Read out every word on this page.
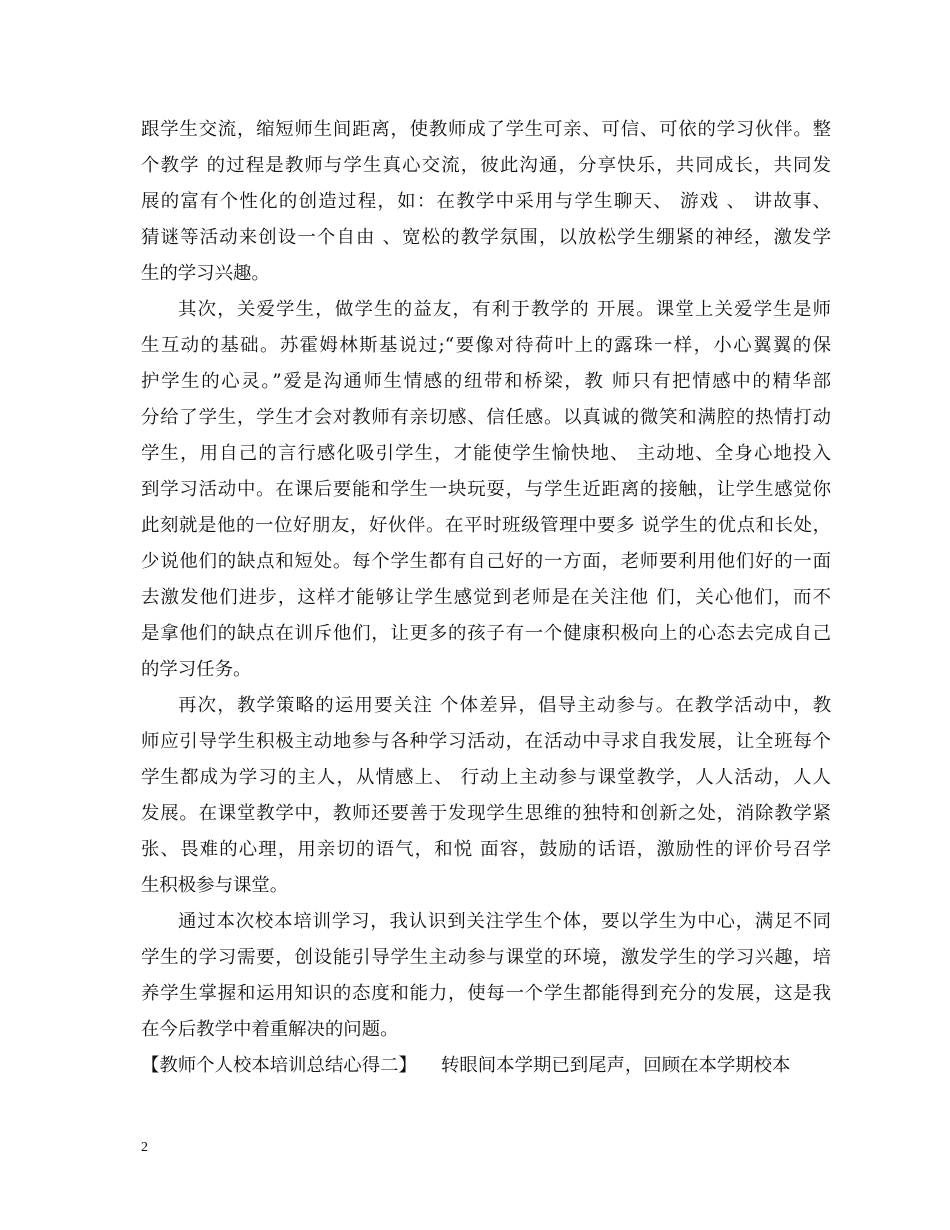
跟学生交流，缩短师生间距离，使教师成了学生可亲、可信、可依的学习伙伴。整
个教学 的过程是教师与学生真心交流，彼此沟通，分享快乐，共同成长，共同发
展的富有个性化的创造过程，如：在教学中采用与学生聊天、 游戏 、 讲故事、
猜谜等活动来创设一个自由 、宽松的教学氛围，以放松学生绷紧的神经，激发学
生的学习兴趣。
其次，关爱学生，做学生的益友，有利于教学的 开展。课堂上关爱学生是师
生互动的基础。苏霍姆林斯基说过;“要像对待荷叶上的露珠一样，小心翼翼的保
护学生的心灵。”爱是沟通师生情感的纽带和桥梁，教 师只有把情感中的精华部
分给了学生，学生才会对教师有亲切感、信任感。以真诚的微笑和满腔的热情打动
学生，用自己的言行感化吸引学生，才能使学生愉快地、 主动地、全身心地投入
到学习活动中。在课后要能和学生一块玩耍，与学生近距离的接触，让学生感觉你
此刻就是他的一位好朋友，好伙伴。在平时班级管理中要多 说学生的优点和长处，
少说他们的缺点和短处。每个学生都有自己好的一方面，老师要利用他们好的一面
去激发他们进步，这样才能够让学生感觉到老师是在关注他 们，关心他们，而不
是拿他们的缺点在训斥他们，让更多的孩子有一个健康积极向上的心态去完成自己
的学习任务。
再次，教学策略的运用要关注 个体差异，倡导主动参与。在教学活动中，教
师应引导学生积极主动地参与各种学习活动，在活动中寻求自我发展，让全班每个
学生都成为学习的主人，从情感上、 行动上主动参与课堂教学，人人活动，人人
发展。在课堂教学中，教师还要善于发现学生思维的独特和创新之处，消除教学紧
张、畏难的心理，用亲切的语气，和悦 面容，鼓励的话语，激励性的评价号召学
生积极参与课堂。
通过本次校本培训学习，我认识到关注学生个体，要以学生为中心，满足不同
学生的学习需要，创设能引导学生主动参与课堂的环境，激发学生的学习兴趣，培
养学生掌握和运用知识的态度和能力，使每一个学生都能得到充分的发展，这是我
在今后教学中着重解决的问题。
【教师个人校本培训总结心得二】 转眼间本学期已到尾声，回顾在本学期校本
2
